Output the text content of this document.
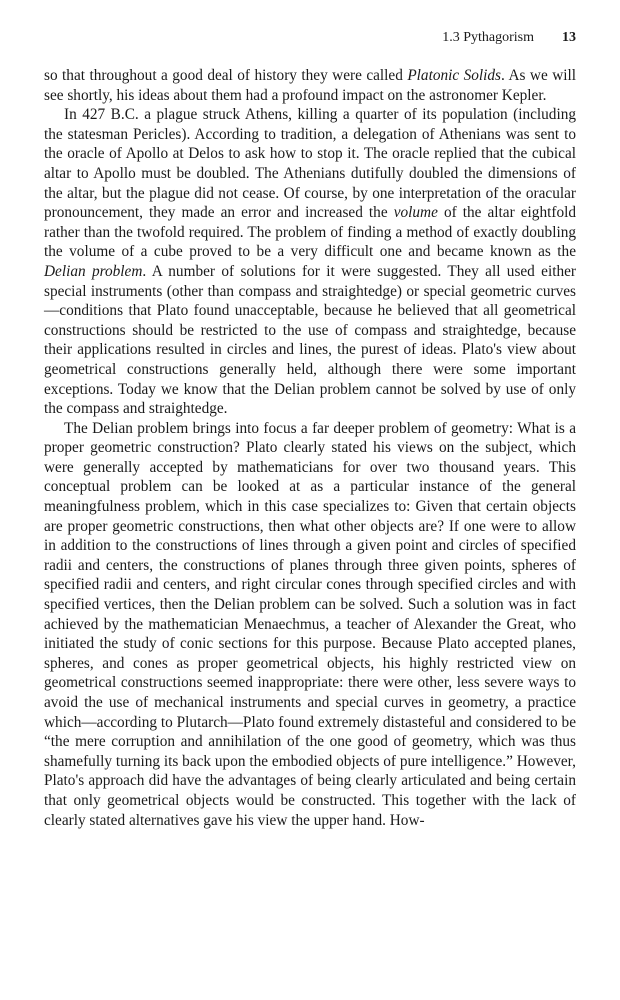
1.3 Pythagorism 13

so that throughout a good deal of history they were called Platonic Solids. As we will see shortly, his ideas about them had a profound impact on the astronomer Kepler.

In 427 B.C. a plague struck Athens, killing a quarter of its population (including the statesman Pericles). According to tradition, a delegation of Athenians was sent to the oracle of Apollo at Delos to ask how to stop it. The oracle replied that the cubical altar to Apollo must be doubled. The Athenians dutifully doubled the dimensions of the altar, but the plague did not cease. Of course, by one interpretation of the oracular pronouncement, they made an error and increased the volume of the altar eightfold rather than the twofold required. The problem of finding a method of exactly doubling the volume of a cube proved to be a very difficult one and became known as the Delian problem. A number of solutions for it were suggested. They all used either special instruments (other than compass and straightedge) or special geometric curves—conditions that Plato found unacceptable, because he believed that all geometrical constructions should be restricted to the use of compass and straightedge, because their applications resulted in circles and lines, the purest of ideas. Plato's view about geometrical constructions generally held, although there were some important exceptions. Today we know that the Delian problem cannot be solved by use of only the compass and straightedge.

The Delian problem brings into focus a far deeper problem of geometry: What is a proper geometric construction? Plato clearly stated his views on the subject, which were generally accepted by mathematicians for over two thousand years. This conceptual problem can be looked at as a particular instance of the general meaningfulness problem, which in this case specializes to: Given that certain objects are proper geometric constructions, then what other objects are? If one were to allow in addition to the constructions of lines through a given point and circles of specified radii and centers, the constructions of planes through three given points, spheres of specified radii and centers, and right circular cones through specified circles and with specified vertices, then the Delian problem can be solved. Such a solution was in fact achieved by the mathematician Menaechmus, a teacher of Alexander the Great, who initiated the study of conic sections for this purpose. Because Plato accepted planes, spheres, and cones as proper geometrical objects, his highly restricted view on geometrical constructions seemed inappropriate: there were other, less severe ways to avoid the use of mechanical instruments and special curves in geometry, a practice which—according to Plutarch—Plato found extremely distasteful and considered to be “the mere corruption and annihilation of the one good of geometry, which was thus shamefully turning its back upon the embodied objects of pure intelligence.” However, Plato's approach did have the advantages of being clearly articulated and being certain that only geometrical objects would be constructed. This together with the lack of clearly stated alternatives gave his view the upper hand. How-
